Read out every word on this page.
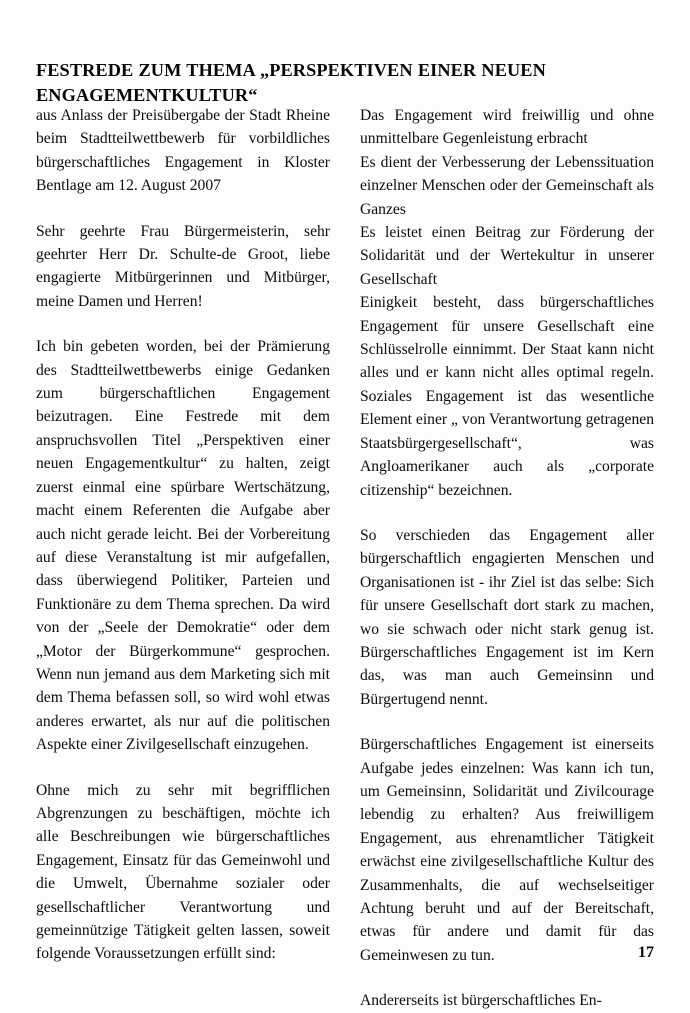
FESTREDE ZUM THEMA „PERSPEKTIVEN EINER NEUEN ENGAGEMENTKULTUR“

aus Anlass der Preisübergabe der Stadt Rheine beim Stadtteilwettbewerb für vorbildliches bürgerschaftliches Engagement in Kloster Bentlage am 12. August 2007

Sehr geehrte Frau Bürgermeisterin, sehr geehrter Herr Dr. Schulte-de Groot, liebe engagierte Mitbürgerinnen und Mitbürger, meine Damen und Herren!

Ich bin gebeten worden, bei der Prämierung des Stadtteilwettbewerbs einige Gedanken zum bürgerschaftlichen Engagement beizutragen. Eine Festrede mit dem anspruchsvollen Titel „Perspektiven einer neuen Engagementkultur“ zu halten, zeigt zuerst einmal eine spürbare Wertschätzung, macht einem Referenten die Aufgabe aber auch nicht gerade leicht. Bei der Vorbereitung auf diese Veranstaltung ist mir aufgefallen, dass überwiegend Politiker, Parteien und Funktionäre zu dem Thema sprechen. Da wird von der „Seele der Demokratie“ oder dem „Motor der Bürgerkommune“ gesprochen. Wenn nun jemand aus dem Marketing sich mit dem Thema befassen soll, so wird wohl etwas anderes erwartet, als nur auf die politischen Aspekte einer Zivilgesellschaft einzugehen.

Ohne mich zu sehr mit begrifflichen Abgrenzungen zu beschäftigen, möchte ich alle Beschreibungen wie bürgerschaftliches Engagement, Einsatz für das Gemeinwohl und die Umwelt, Übernahme sozialer oder gesellschaftlicher Verantwortung und gemeinnützige Tätigkeit gelten lassen, soweit folgende Voraussetzungen erfüllt sind:

Das Engagement wird freiwillig und ohne unmittelbare Gegenleistung erbracht

Es dient der Verbesserung der Lebenssituation einzelner Menschen oder der Gemeinschaft als Ganzes

Es leistet einen Beitrag zur Förderung der Solidarität und der Wertekultur in unserer Gesellschaft

Einigkeit besteht, dass bürgerschaftliches Engagement für unsere Gesellschaft eine Schlüsselrolle einnimmt. Der Staat kann nicht alles und er kann nicht alles optimal regeln. Soziales Engagement ist das wesentliche Element einer „ von Verantwortung getragenen Staatsbürgergesellschaft“, was Angloamerikaner auch als „corporate citizenship“ bezeichnen.

So verschieden das Engagement aller bürgerschaftlich engagierten Menschen und Organisationen ist - ihr Ziel ist das selbe: Sich für unsere Gesellschaft dort stark zu machen, wo sie schwach oder nicht stark genug ist. Bürgerschaftliches Engagement ist im Kern das, was man auch Gemeinsinn und Bürgertugend nennt.

Bürgerschaftliches Engagement ist einerseits Aufgabe jedes einzelnen: Was kann ich tun, um Gemeinsinn, Solidarität und Zivilcourage lebendig zu erhalten? Aus freiwilligem Engagement, aus ehrenamtlicher Tätigkeit erwächst eine zivilgesellschaftliche Kultur des Zusammenhalts, die auf wechselseitiger Achtung beruht und auf der Bereitschaft, etwas für andere und damit für das Gemeinwesen zu tun.

Andererseits ist bürgerschaftliches En-

17
